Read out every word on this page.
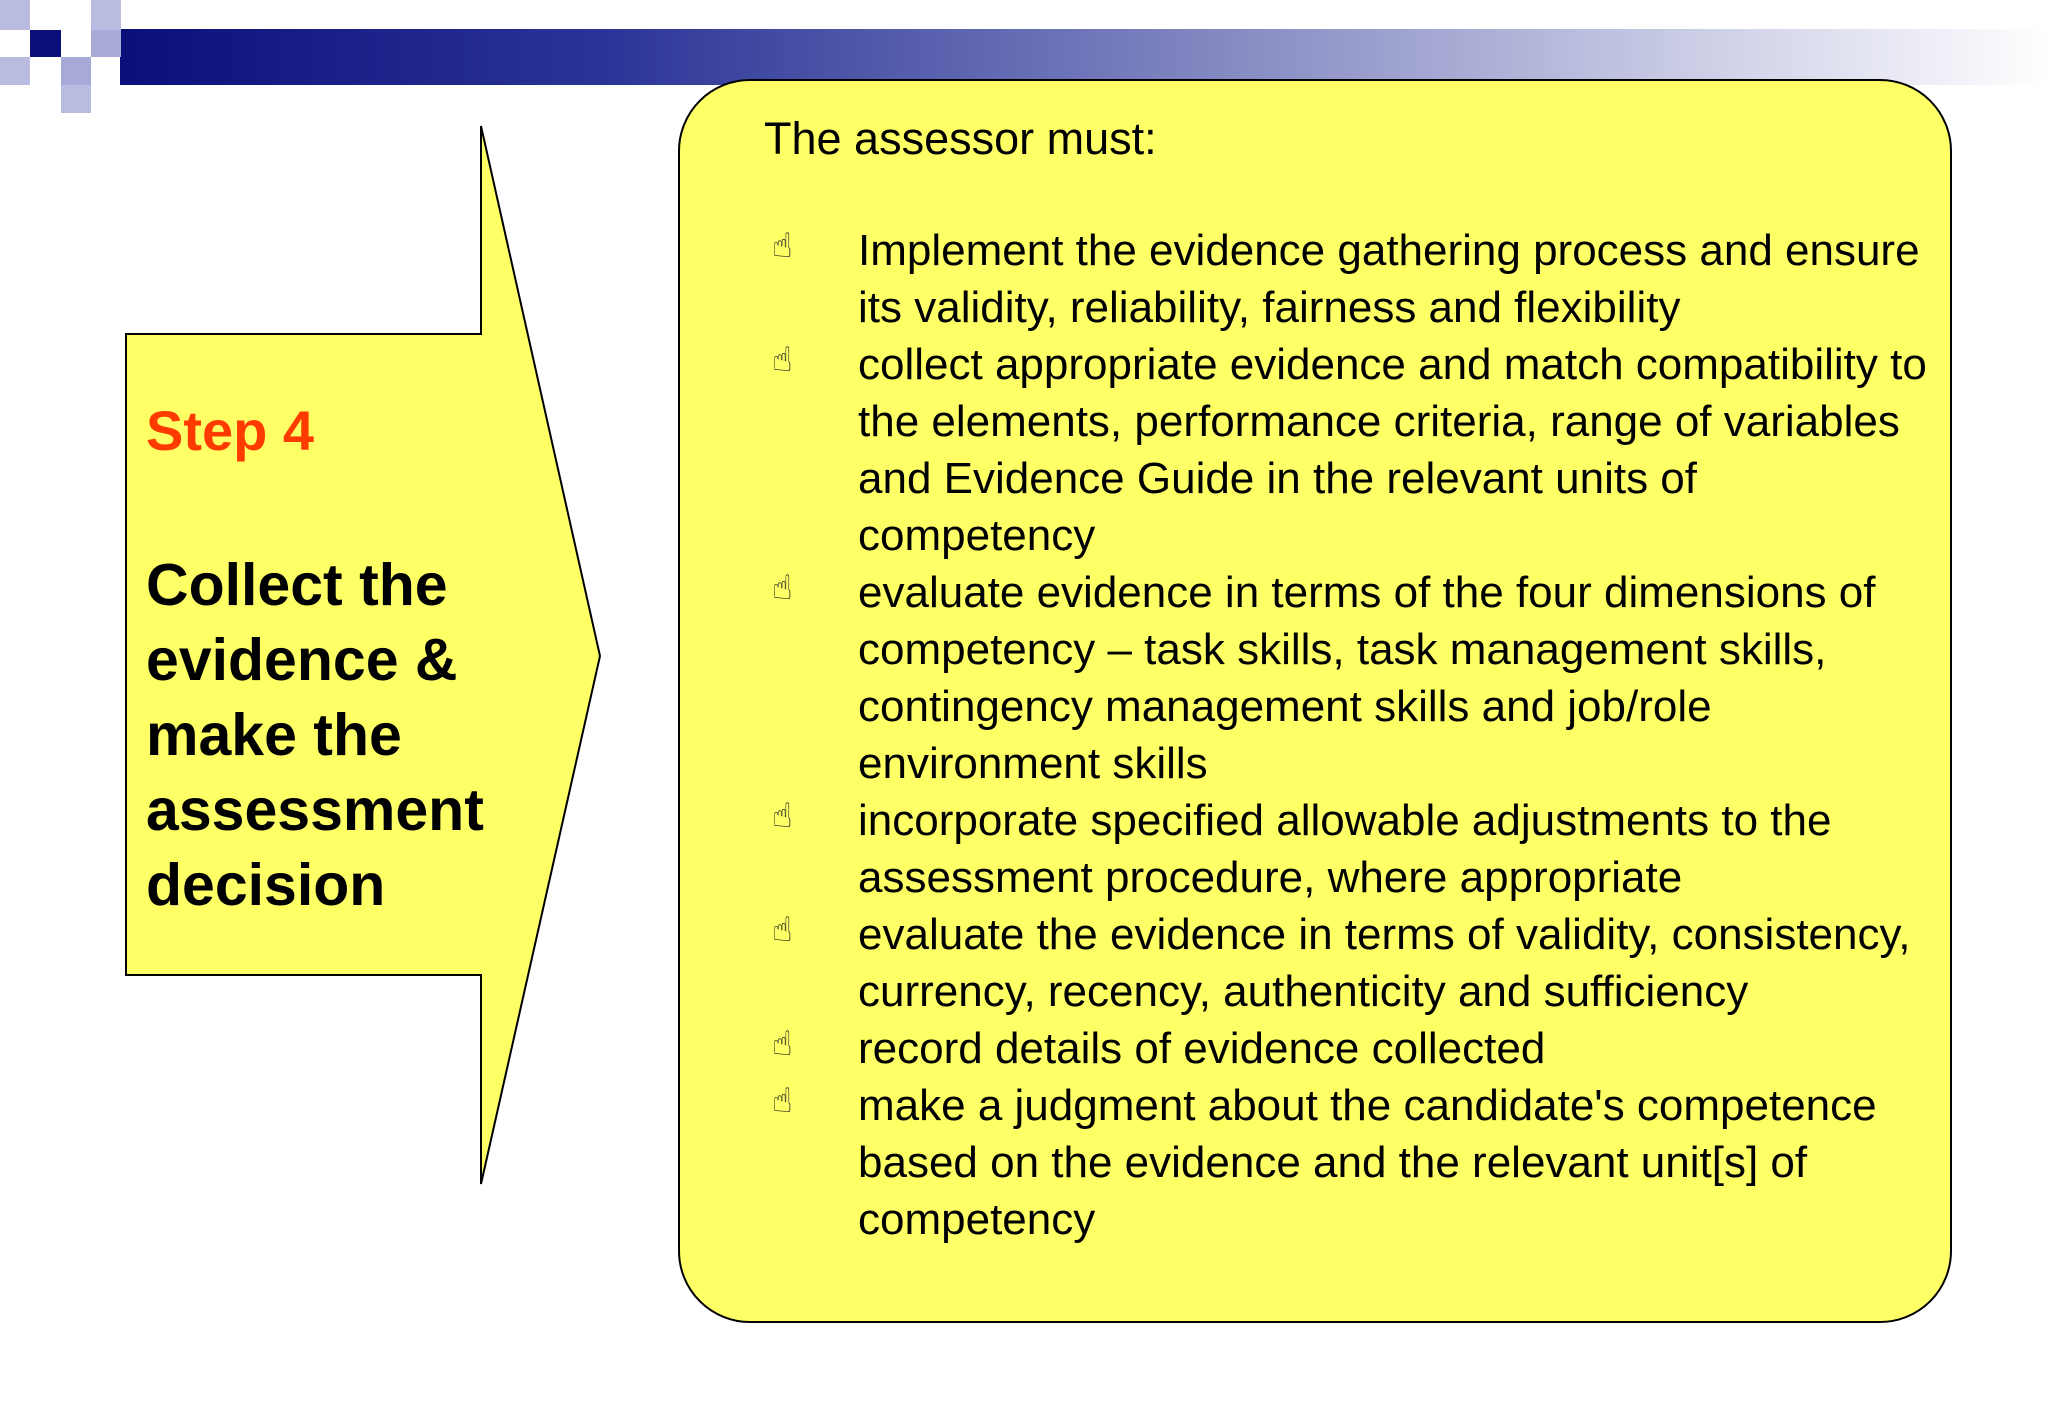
Step 4
Collect the
evidence &
make the
assessment
decision

The assessor must:

☝ Implement the evidence gathering process and ensure its validity, reliability, fairness and flexibility
☝ collect appropriate evidence and match compatibility to the elements, performance criteria, range of variables and Evidence Guide in the relevant units of competency
☝ evaluate evidence in terms of the four dimensions of competency – task skills, task management skills, contingency management skills and job/role environment skills
☝ incorporate specified allowable adjustments to the assessment procedure, where appropriate
☝ evaluate the evidence in terms of validity, consistency, currency, recency, authenticity and sufficiency
☝ record details of evidence collected
☝ make a judgment about the candidate's competence based on the evidence and the relevant unit[s] of competency
